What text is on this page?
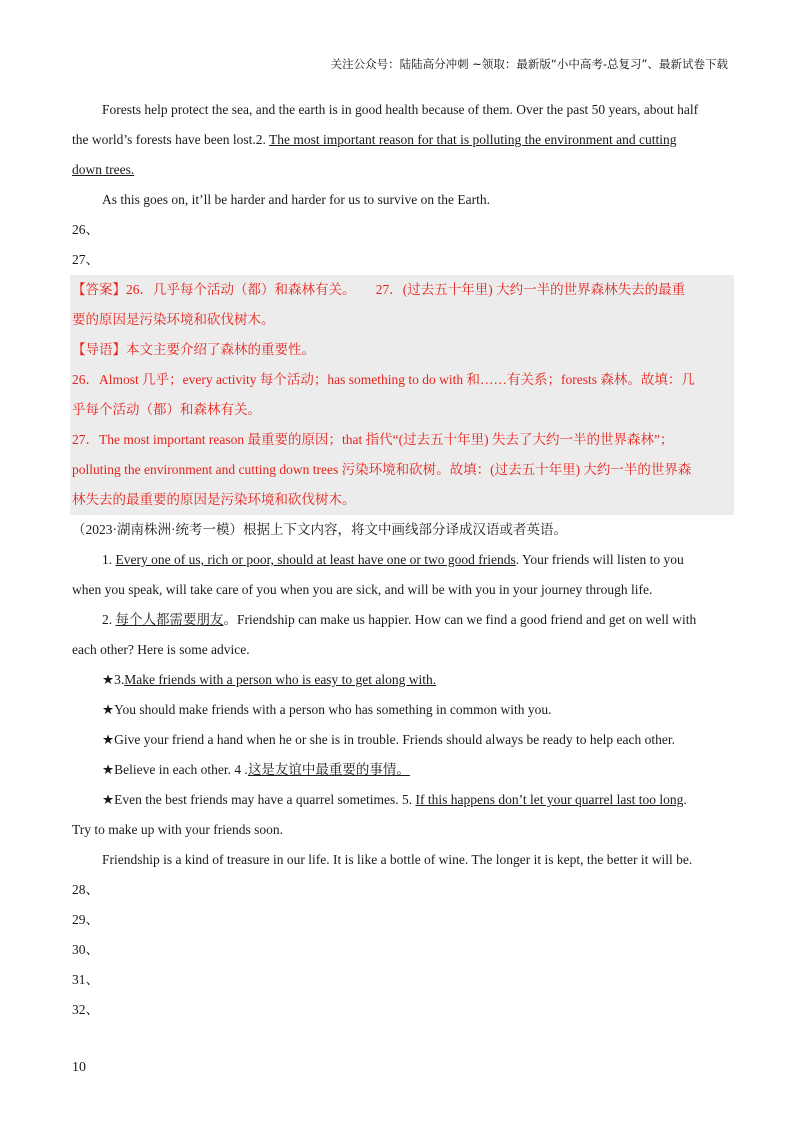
关注公众号：陆陆高分冲刺 ~领取：最新版“小中高考-总复习”、最新试卷下载
Forests help protect the sea, and the earth is in good health because of them. Over the past 50 years, about half
the world’s forests have been lost.2. The most important reason for that is polluting the environment and cutting
down trees.
As this goes on, it’ll be harder and harder for us to survive on the Earth.
26、
27、
【答案】26．几乎每个活动（都）和森林有关。　　27．(过去五十年里) 大约一半的世界森林失去的最重
要的原因是污染环境和砍伐树木。
【导语】本文主要介绍了森林的重要性。
26．Almost 几乎；every activity 每个活动；has something to do with 和……有关系；forests 森林。故填：几
乎每个活动（都）和森林有关。
27．The most important reason 最重要的原因；that 指代“(过去五十年里) 失去了大约一半的世界森林”；
polluting the environment and cutting down trees 污染环境和砍树。故填：(过去五十年里) 大约一半的世界森
林失去的最重要的原因是污染环境和砍伐树木。
（2023·湖南株洲·统考一模）根据上下文内容，将文中画线部分译成汉语或者英语。
1. Every one of us, rich or poor, should at least have one or two good friends. Your friends will listen to you
when you speak, will take care of you when you are sick, and will be with you in your journey through life.
2. 每个人都需要朋友。Friendship can make us happier. How can we find a good friend and get on well with
each other? Here is some advice.
★3.Make friends with a person who is easy to get along with.
★You should make friends with a person who has something in common with you.
★Give your friend a hand when he or she is in trouble. Friends should always be ready to help each other.
★Believe in each other. 4 .这是友谊中最重要的事情。
★Even the best friends may have a quarrel sometimes. 5. If this happens don’t let your quarrel last too long.
Try to make up with your friends soon.
Friendship is a kind of treasure in our life. It is like a bottle of wine. The longer it is kept, the better it will be.
28、
29、
30、
31、
32、
10
